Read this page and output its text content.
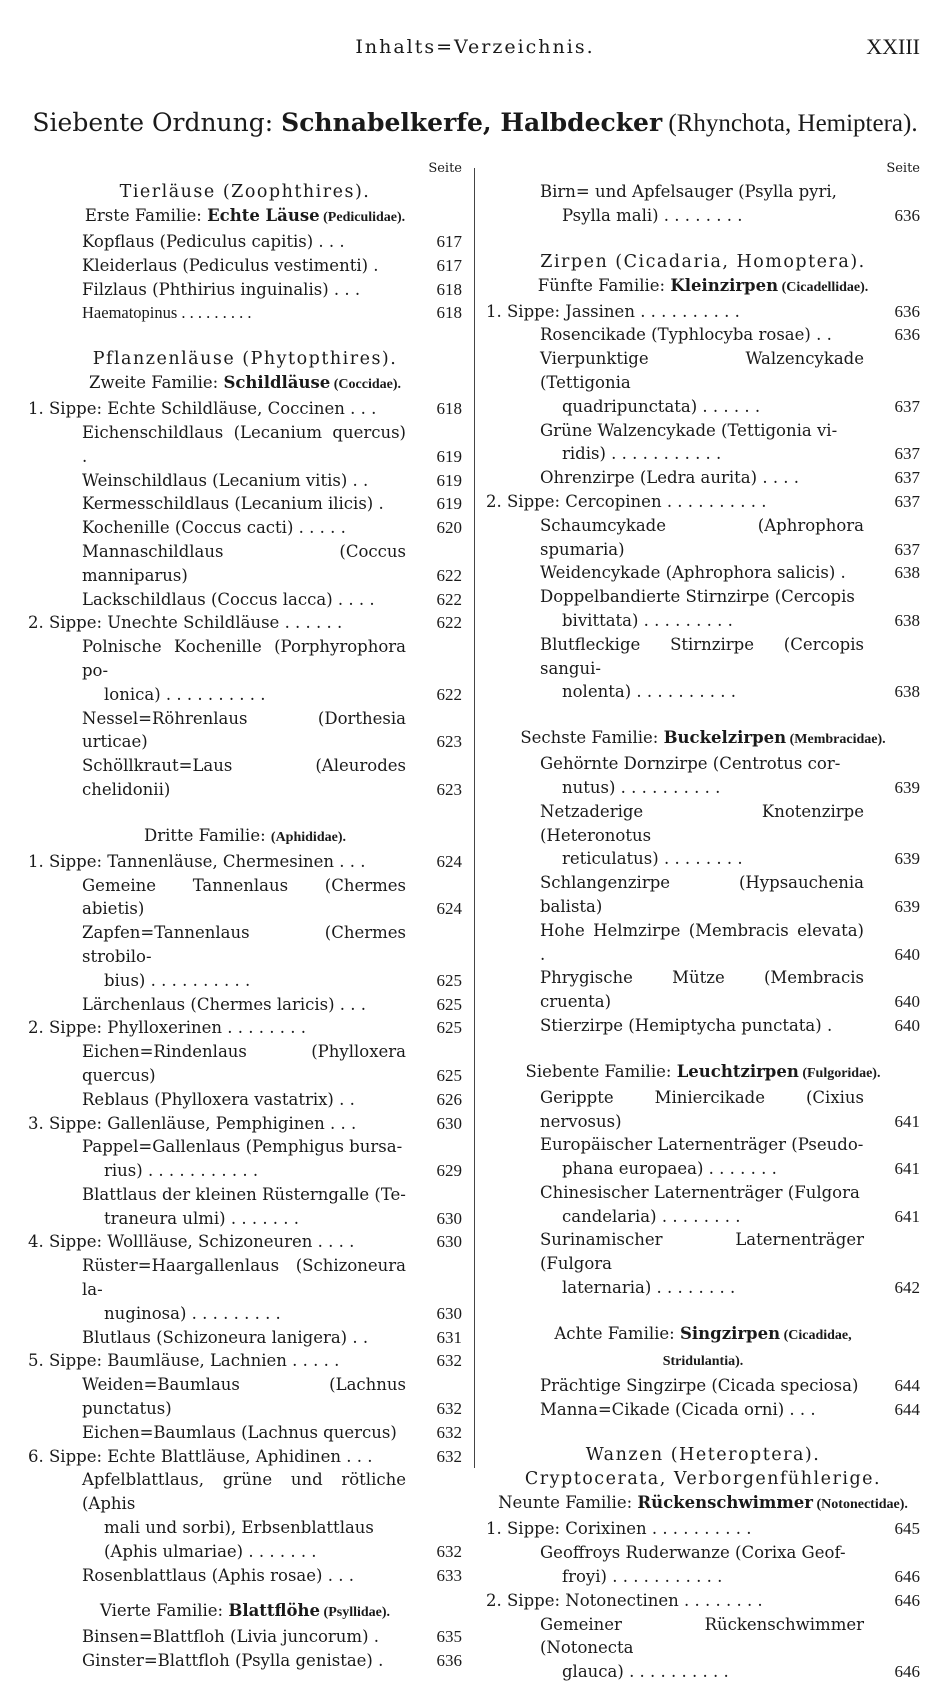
Inhalts=Verzeichnis.	XXIII
Siebente Ordnung: Schnabelkerfe, Halbdecker (Rhynchota, Hemiptera).
Seite
Tierläuse (Zoophthires).
Erste Familie: Echte Läuse (Pediculidae).
Kopflaus (Pediculus capitis) . . .	617
Kleiderlaus (Pediculus vestimenti) .	617
Filzlaus (Phthirius inguinalis) . . .	618
Haematopinus . . . . . . . . .	618
Pflanzenläuse (Phytopthires).
Zweite Familie: Schildläuse (Coccidae).
1. Sippe: Echte Schildläuse, Coccinen . . .	618
Eichenschildlaus (Lecanium quercus) .	619
Weinschildlaus (Lecanium vitis) . .	619
Kermesschildlaus (Lecanium ilicis) .	619
Kochenille (Coccus cacti) . . . . .	620
Mannaschildlaus (Coccus manniparus)	622
Lackschildlaus (Coccus lacca) . . . .	622
2. Sippe: Unechte Schildläuse . . . . . .	622
Polnische Kochenille (Porphyrophora po-
lonica) . . . . . . . . . .	622
Nessel=Röhrenlaus (Dorthesia urticae)	623
Schöllkraut=Laus (Aleurodes chelidonii)	623
Dritte Familie: (Aphididae).
1. Sippe: Tannenläuse, Chermesinen . . .	624
Gemeine Tannenlaus (Chermes abietis)	624
Zapfen=Tannenlaus (Chermes strobilo-
bius) . . . . . . . . . .	625
Lärchenlaus (Chermes laricis) . . .	625
2. Sippe: Phylloxerinen . . . . . . . .	625
Eichen=Rindenlaus (Phylloxera quercus)	625
Reblaus (Phylloxera vastatrix) . .	626
3. Sippe: Gallenläuse, Pemphiginen . . .	630
Pappel=Gallenlaus (Pemphigus bursa-
rius) . . . . . . . . . . .	629
Blattlaus der kleinen Rüsterngalle (Te-
traneura ulmi) . . . . . . .	630
4. Sippe: Wollläuse, Schizoneuren . . . .	630
Rüster=Haargallenlaus (Schizoneura la-
nuginosa) . . . . . . . . .	630
Blutlaus (Schizoneura lanigera) . .	631
5. Sippe: Baumläuse, Lachnien . . . . .	632
Weiden=Baumlaus (Lachnus punctatus)	632
Eichen=Baumlaus (Lachnus quercus)	632
6. Sippe: Echte Blattläuse, Aphidinen . . .	632
Apfelblattlaus, grüne und rötliche (Aphis
mali und sorbi), Erbsenblattlaus
(Aphis ulmariae) . . . . . . .	632
Rosenblattlaus (Aphis rosae) . . .	633
Vierte Familie: Blattflöhe (Psyllidae).
Binsen=Blattfloh (Livia juncorum) .	635
Ginster=Blattfloh (Psylla genistae) .	636
Seite
Birn= und Apfelsauger (Psylla pyri,
Psylla mali) . . . . . . . .	636
Zirpen (Cicadaria, Homoptera).
Fünfte Familie: Kleinzirpen (Cicadellidae).
1. Sippe: Jassinen . . . . . . . . . .	636
Rosencikade (Typhlocyba rosae) . .	636
Vierpunktige Walzencykade (Tettigonia
quadripunctata) . . . . . .	637
Grüne Walzencykade (Tettigonia vi-
ridis) . . . . . . . . . . .	637
Ohrenzirpe (Ledra aurita) . . . .	637
2. Sippe: Cercopinen . . . . . . . . . .	637
Schaumcykade (Aphrophora spumaria)	637
Weidencykade (Aphrophora salicis) .	638
Doppelbandierte Stirnzirpe (Cercopis
bivittata) . . . . . . . . .	638
Blutfleckige Stirnzirpe (Cercopis sangui-
nolenta) . . . . . . . . . .	638
Sechste Familie: Buckelzirpen (Membracidae).
Gehörnte Dornzirpe (Centrotus cor-
nutus) . . . . . . . . . .	639
Netzaderige Knotenzirpe (Heteronotus
reticulatus) . . . . . . . .	639
Schlangenzirpe (Hypsauchenia balista)	639
Hohe Helmzirpe (Membracis elevata) .	640
Phrygische Mütze (Membracis cruenta)	640
Stierzirpe (Hemiptycha punctata) .	640
Siebente Familie: Leuchtzirpen (Fulgoridae).
Gerippte Miniercikade (Cixius nervosus)	641
Europäischer Laternenträger (Pseudo-
phana europaea) . . . . . . .	641
Chinesischer Laternenträger (Fulgora
candelaria) . . . . . . . .	641
Surinamischer Laternenträger (Fulgora
laternaria) . . . . . . . .	642
Achte Familie: Singzirpen (Cicadidae,
Stridulantia).
Prächtige Singzirpe (Cicada speciosa)	644
Manna=Cikade (Cicada orni) . . .	644
Wanzen (Heteroptera).
Cryptocerata, Verborgenfühlerige.
Neunte Familie: Rückenschwimmer (Notonectidae).
1. Sippe: Corixinen . . . . . . . . . .	645
Geoffroys Ruderwanze (Corixa Geof-
froyi) . . . . . . . . . . .	646
2. Sippe: Notonectinen . . . . . . . .	646
Gemeiner Rückenschwimmer (Notonecta
glauca) . . . . . . . . . .	646
